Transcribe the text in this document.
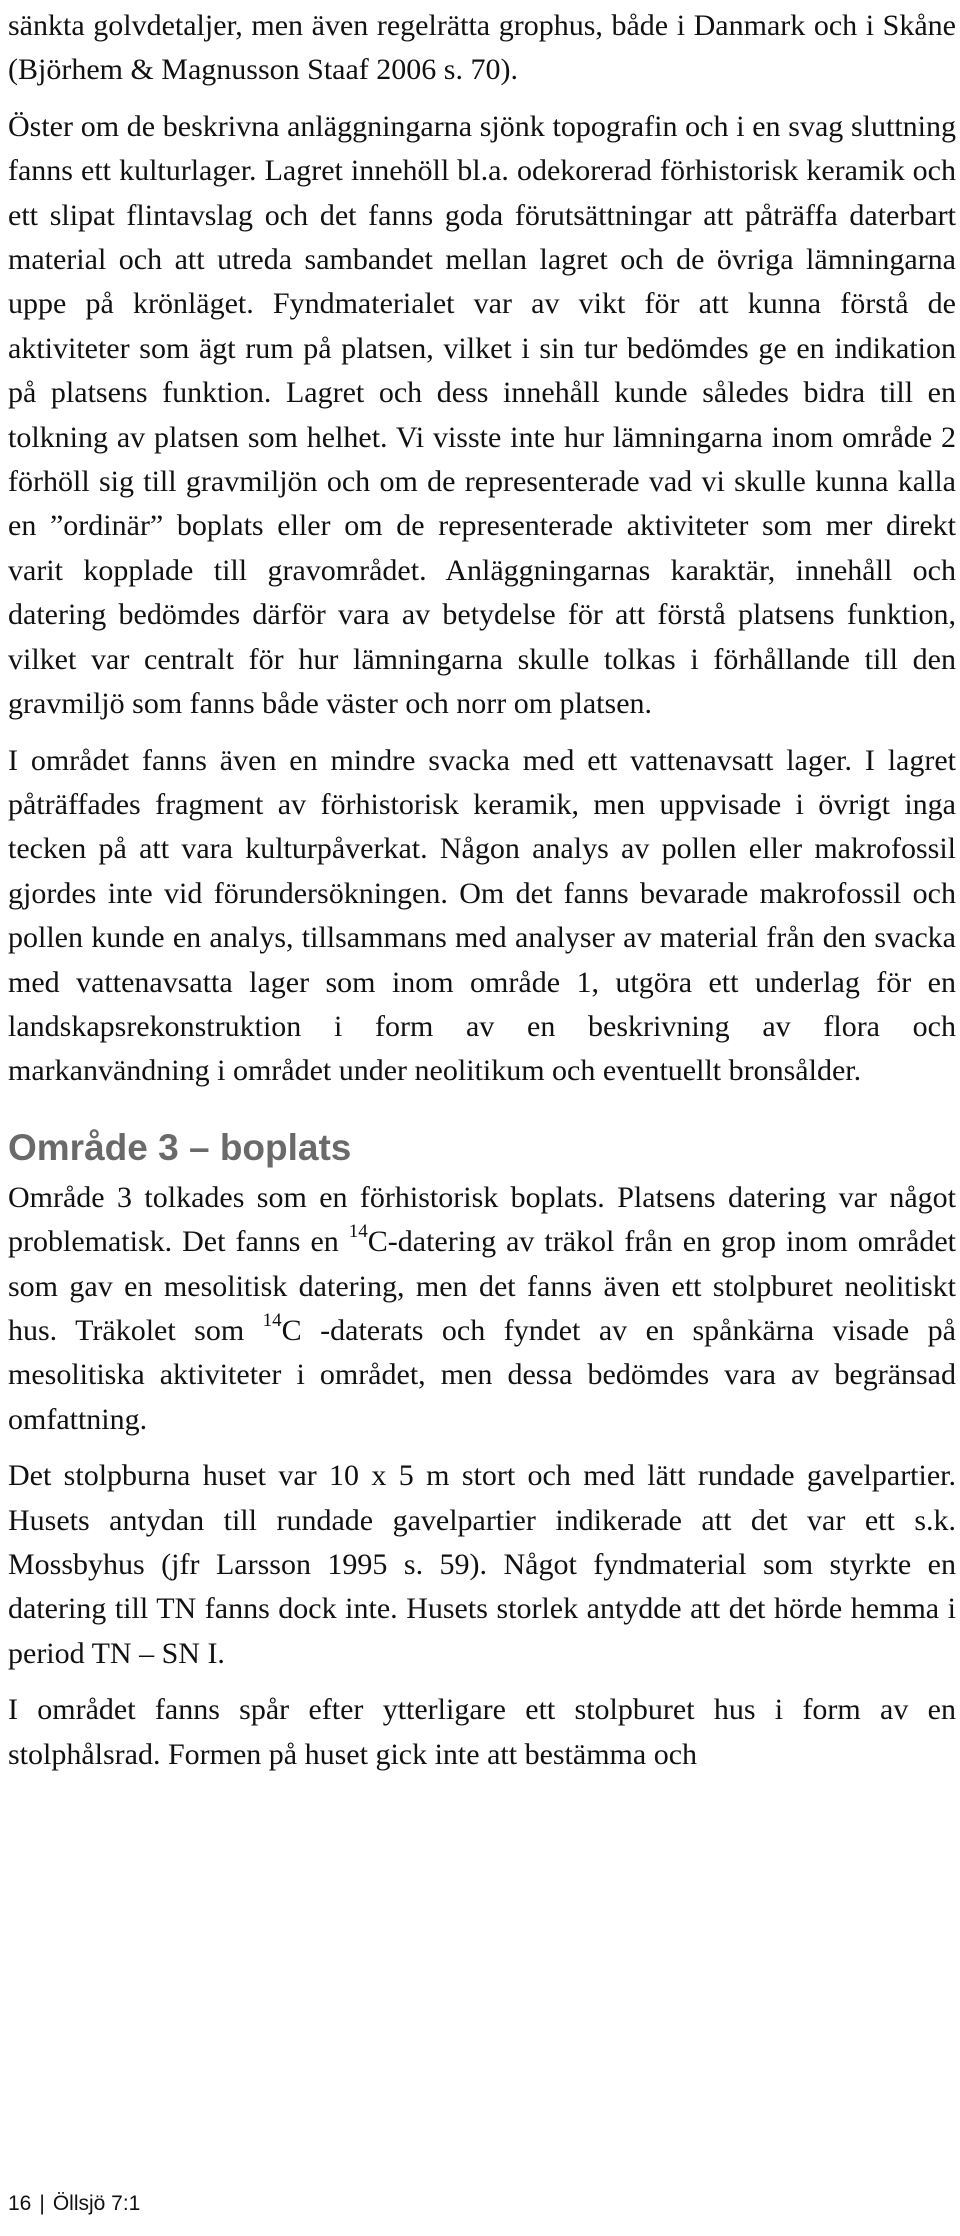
sänkta golvdetaljer, men även regelrätta grophus, både i Danmark och i Skåne (Björhem & Magnusson Staaf 2006 s. 70).

Öster om de beskrivna anläggningarna sjönk topografin och i en svag sluttning fanns ett kulturlager. Lagret innehöll bl.a. odekorerad förhistorisk keramik och ett slipat flintavslag och det fanns goda förutsättningar att påträffa daterbart material och att utreda sambandet mellan lagret och de övriga lämningarna uppe på krönläget. Fyndmaterialet var av vikt för att kunna förstå de aktiviteter som ägt rum på platsen, vilket i sin tur bedömdes ge en indikation på platsens funktion. Lagret och dess innehåll kunde således bidra till en tolkning av platsen som helhet. Vi visste inte hur lämningarna inom område 2 förhöll sig till gravmiljön och om de representerade vad vi skulle kunna kalla en ”ordinär” boplats eller om de representerade aktiviteter som mer direkt varit kopplade till gravområdet. Anläggningarnas karaktär, innehåll och datering bedömdes därför vara av betydelse för att förstå platsens funktion, vilket var centralt för hur lämningarna skulle tolkas i förhållande till den gravmiljö som fanns både väster och norr om platsen.

I området fanns även en mindre svacka med ett vattenavsatt lager. I lagret påträffades fragment av förhistorisk keramik, men uppvisade i övrigt inga tecken på att vara kulturpåverkat. Någon analys av pollen eller makrofossil gjordes inte vid förundersökningen. Om det fanns bevarade makrofossil och pollen kunde en analys, tillsammans med analyser av material från den svacka med vattenavsatta lager som inom område 1, utgöra ett underlag för en landskapsrekonstruktion i form av en beskrivning av flora och markanvändning i området under neolitikum och eventuellt bronsålder.

Område 3 – boplats

Område 3 tolkades som en förhistorisk boplats. Platsens datering var något problematisk. Det fanns en $^{14}$C-datering av träkol från en grop inom området som gav en mesolitisk datering, men det fanns även ett stolpburet neolitiskt hus. Träkolet som $^{14}$C -daterats och fyndet av en spånkärna visade på mesolitiska aktiviteter i området, men dessa bedömdes vara av begränsad omfattning.

Det stolpburna huset var 10 x 5 m stort och med lätt rundade gavelpartier. Husets antydan till rundade gavelpartier indikerade att det var ett s.k. Mossbyhus (jfr Larsson 1995 s. 59). Något fyndmaterial som styrkte en datering till TN fanns dock inte. Husets storlek antydde att det hörde hemma i period TN – SN I.

I området fanns spår efter ytterligare ett stolpburet hus i form av en stolphålsrad. Formen på huset gick inte att bestämma och

16 | Öllsjö 7:1
